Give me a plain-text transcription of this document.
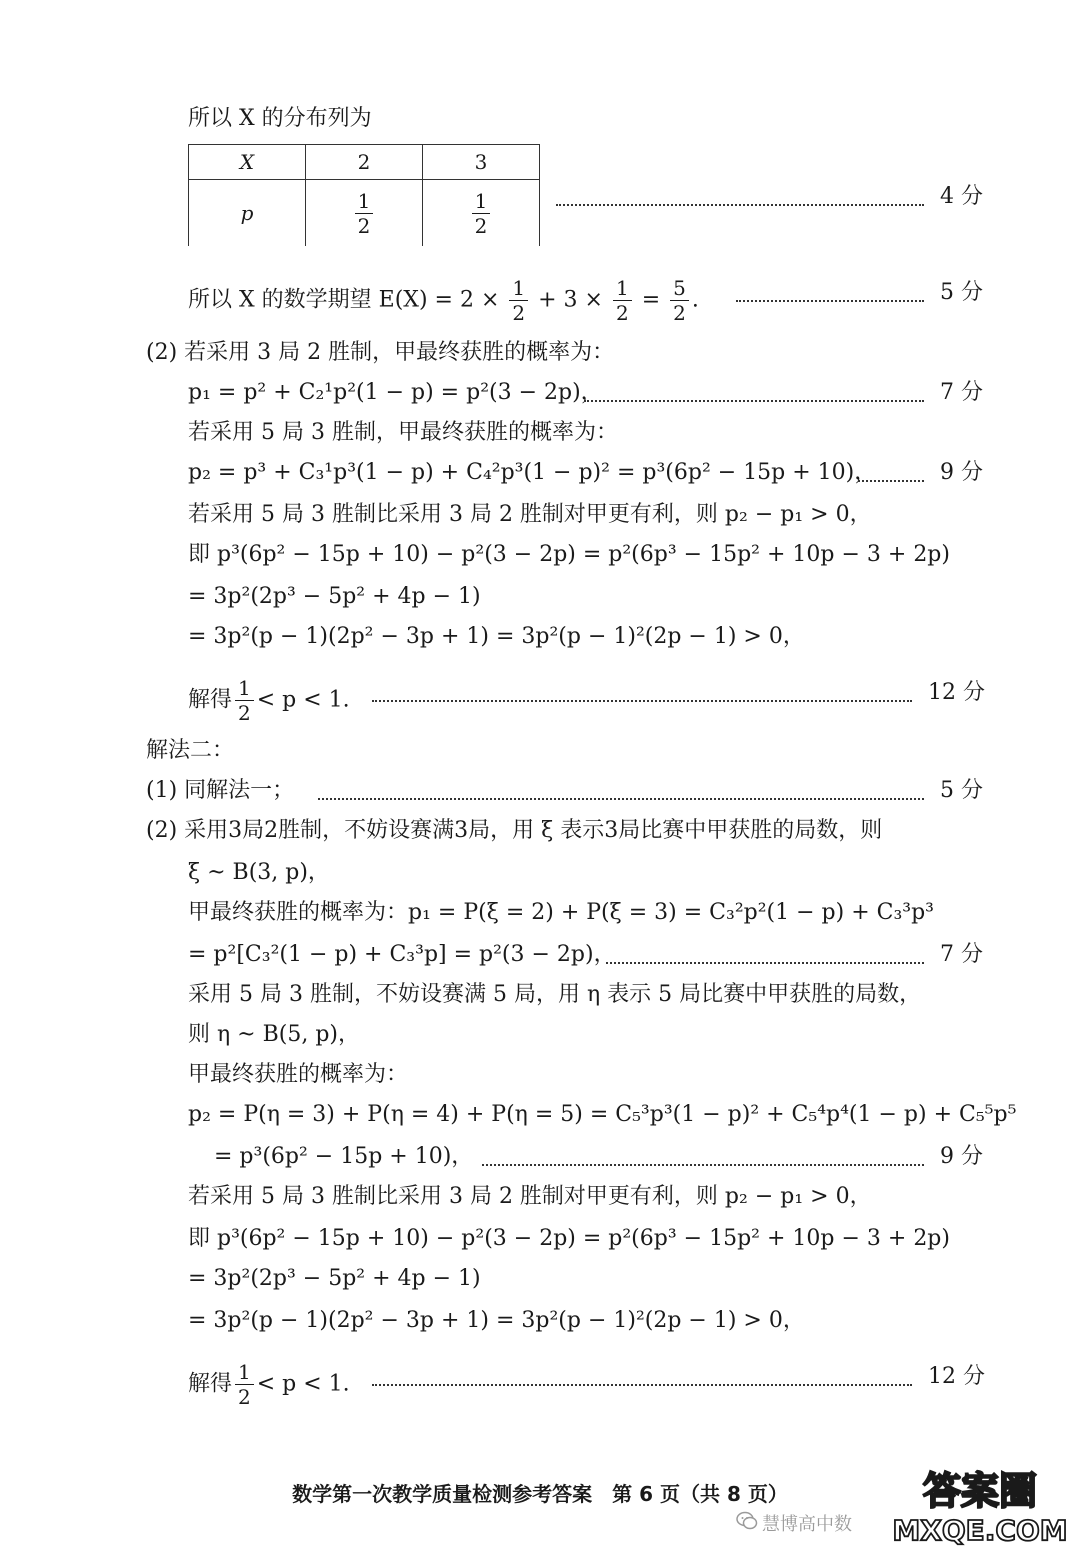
所以 X 的分布列为
X	2	3
p	$\frac{1}{2}$	$\frac{1}{2}$	4 分
所以 X 的数学期望 $E(X) = 2 \times \frac{1}{2} + 3 \times \frac{1}{2} = \frac{5}{2}$ .	5 分
(2) 若采用 3 局 2 胜制，甲最终获胜的概率为：
p₁ = p² + C₂¹p²(1 − p) = p²(3 − 2p)，	7 分
若采用 5 局 3 胜制，甲最终获胜的概率为：
p₂ = p³ + C₃¹p³(1 − p) + C₄²p³(1 − p)² = p³(6p² − 15p + 10)，	9 分
若采用 5 局 3 胜制比采用 3 局 2 胜制对甲更有利，则 p₂ − p₁ > 0，
即 p³(6p² − 15p + 10) − p²(3 − 2p) = p²(6p³ − 15p² + 10p − 3 + 2p)
= 3p²(2p³ − 5p² + 4p − 1)
= 3p²(p − 1)(2p² − 3p + 1) = 3p²(p − 1)²(2p − 1) > 0，
解得 $\frac{1}{2} < p < 1$.	12 分
解法二：
(1) 同解法一；	5 分
(2) 采用3局2胜制，不妨设赛满3局，用 ξ 表示3局比赛中甲获胜的局数，则
ξ ~ B(3, p)，
甲最终获胜的概率为：p₁ = P(ξ = 2) + P(ξ = 3) = C₃²p²(1 − p) + C₃³p³
= p²[C₃²(1 − p) + C₃³p] = p²(3 − 2p)，	7 分
采用 5 局 3 胜制，不妨设赛满 5 局，用 η 表示 5 局比赛中甲获胜的局数，
则 η ~ B(5, p)，
甲最终获胜的概率为：
p₂ = P(η = 3) + P(η = 4) + P(η = 5) = C₅³p³(1 − p)² + C₅⁴p⁴(1 − p) + C₅⁵p⁵
= p³(6p² − 15p + 10)，	9 分
若采用 5 局 3 胜制比采用 3 局 2 胜制对甲更有利，则 p₂ − p₁ > 0，
即 p³(6p² − 15p + 10) − p²(3 − 2p) = p²(6p³ − 15p² + 10p − 3 + 2p)
= 3p²(2p³ − 5p² + 4p − 1)
= 3p²(p − 1)(2p² − 3p + 1) = 3p²(p − 1)²(2p − 1) > 0，
解得 $\frac{1}{2} < p < 1$.	12 分
数学第一次教学质量检测参考答案　第 6 页（共 8 页）
慧博高中数
答案圈
MXQE.COM
